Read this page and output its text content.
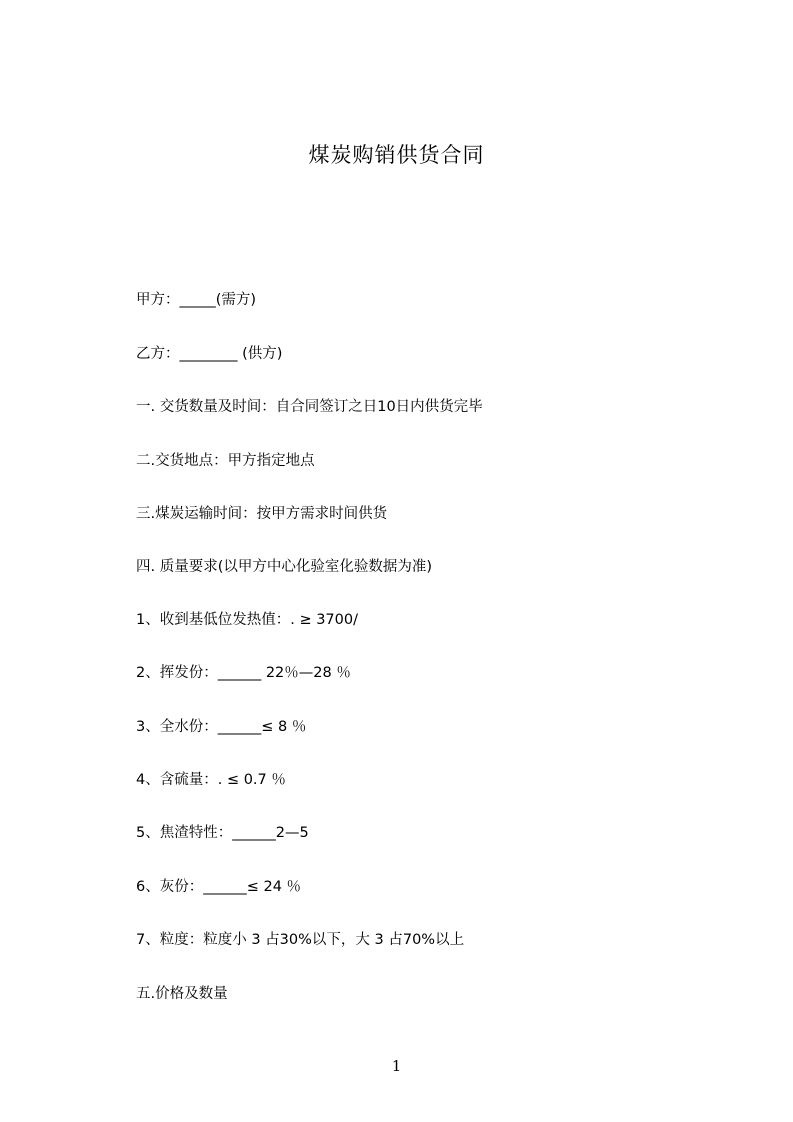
煤炭购销供货合同
甲方：_____(需方)
乙方：________ (供方)
一. 交货数量及时间：自合同签订之日10日内供货完毕
二.交货地点：甲方指定地点
三.煤炭运输时间：按甲方需求时间供货
四. 质量要求(以甲方中心化验室化验数据为准)
1、收到基低位发热值：. ≥ 3700/
2、挥发份：______ 22％—28 ％
3、全水份：______≤ 8 ％
4、含硫量：. ≤ 0.7 ％
5、焦渣特性：______2—5
6、灰份：______≤ 24 ％
7、粒度：粒度小 3 占30%以下，大 3 占70%以上
五.价格及数量
1
